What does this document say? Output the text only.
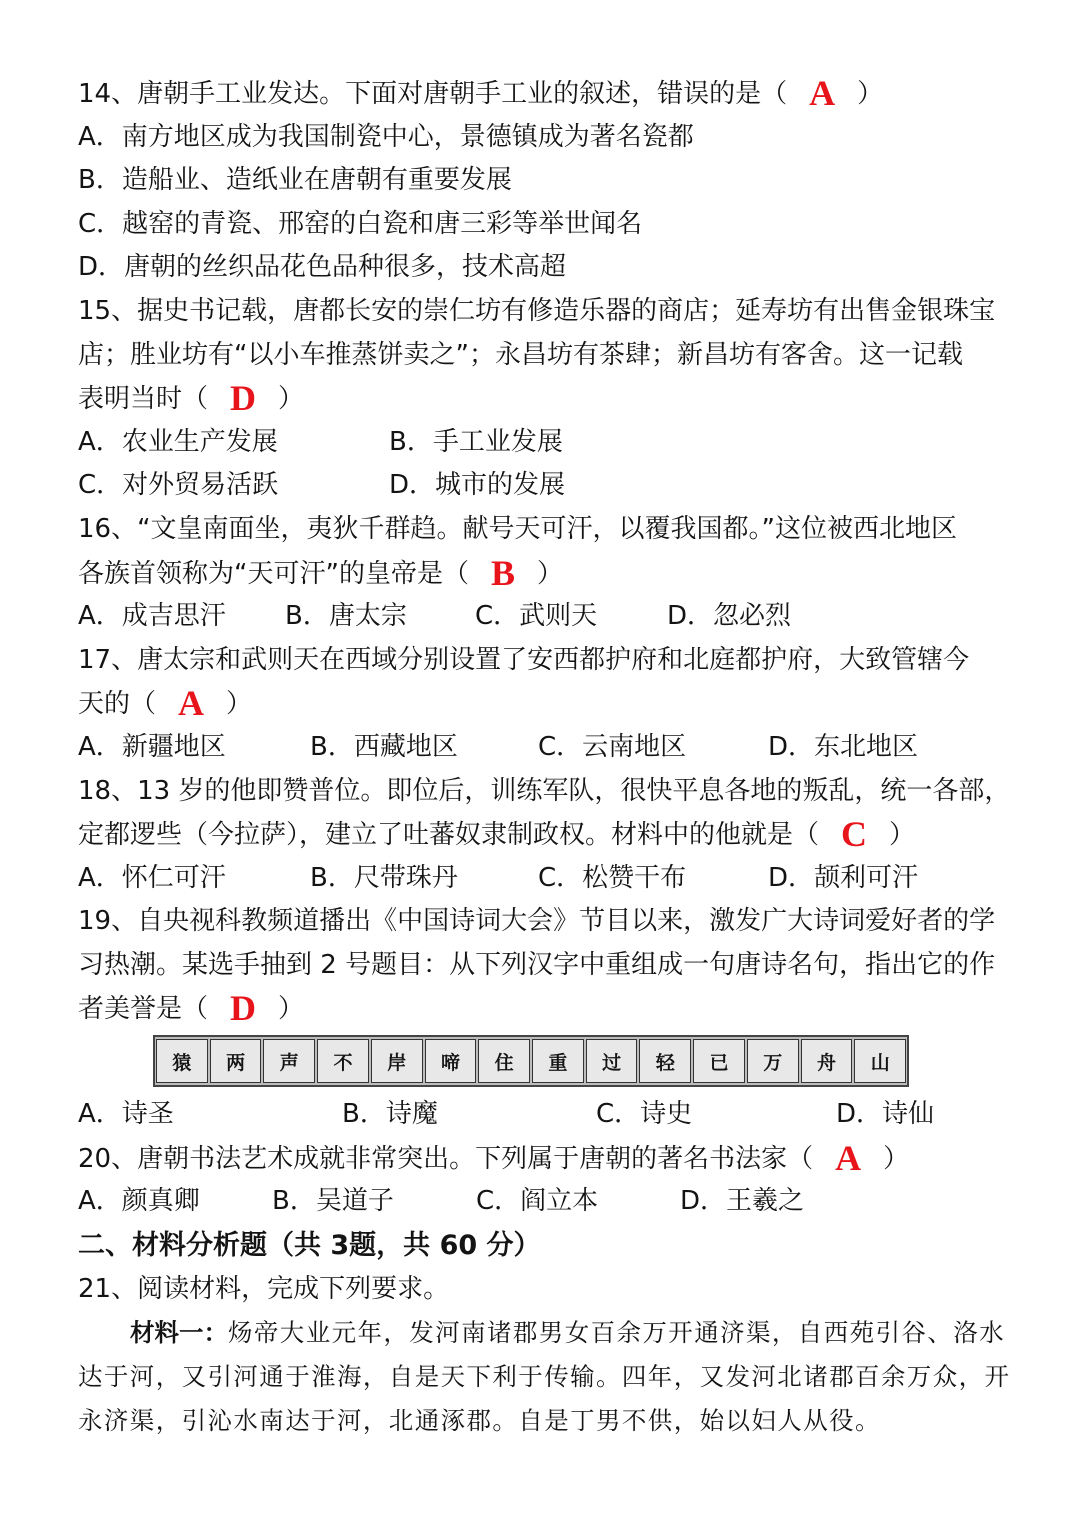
14、唐朝手工业发达。下面对唐朝手工业的叙述，错误的是（ A ）
A．南方地区成为我国制瓷中心，景德镇成为著名瓷都
B．造船业、造纸业在唐朝有重要发展
C．越窑的青瓷、邢窑的白瓷和唐三彩等举世闻名
D．唐朝的丝织品花色品种很多，技术高超
15、据史书记载，唐都长安的崇仁坊有修造乐器的商店；延寿坊有出售金银珠宝
店；胜业坊有“以小车推蒸饼卖之”；永昌坊有茶肆；新昌坊有客舍。这一记载
表明当时（ D ）
A．农业生产发展	B．手工业发展
C．对外贸易活跃	D．城市的发展
16、“文皇南面坐，夷狄千群趋。献号天可汗，以覆我国都。”这位被西北地区
各族首领称为“天可汗”的皇帝是（ B ）
A．成吉思汗 B．唐太宗	C．武则天	D．忽必烈
17、唐太宗和武则天在西域分别设置了安西都护府和北庭都护府，大致管辖今
天的（ A ）
A．新疆地区	B．西藏地区	C．云南地区	D．东北地区
18、13 岁的他即赞普位。即位后，训练军队，很快平息各地的叛乱，统一各部，
定都逻些（今拉萨），建立了吐蕃奴隶制政权。材料中的他就是（ C ）
A．怀仁可汗	B．尺带珠丹	C．松赞干布	D．颉利可汗
19、自央视科教频道播出《中国诗词大会》节目以来，激发广大诗词爱好者的学
习热潮。某选手抽到 2 号题目：从下列汉字中重组成一句唐诗名句，指出它的作
者美誉是（ D ）
猿	两	声	不	岸	啼	住	重	过	轻	已	万	舟	山
A．诗圣	B．诗魔	C．诗史	D．诗仙
20、唐朝书法艺术成就非常突出。下列属于唐朝的著名书法家（ A ）
A．颜真卿	B．吴道子	C．阎立本	D．王羲之
二、材料分析题（共 3题，共 60 分）
21、阅读材料，完成下列要求。
材料一：炀帝大业元年，发河南诸郡男女百余万开通济渠，自西苑引谷、洛水达于河，又引河通于淮海，自是天下利于传输。四年，又发河北诸郡百余万众，开永济渠，引沁水南达于河，北通涿郡。自是丁男不供，始以妇人从役。
